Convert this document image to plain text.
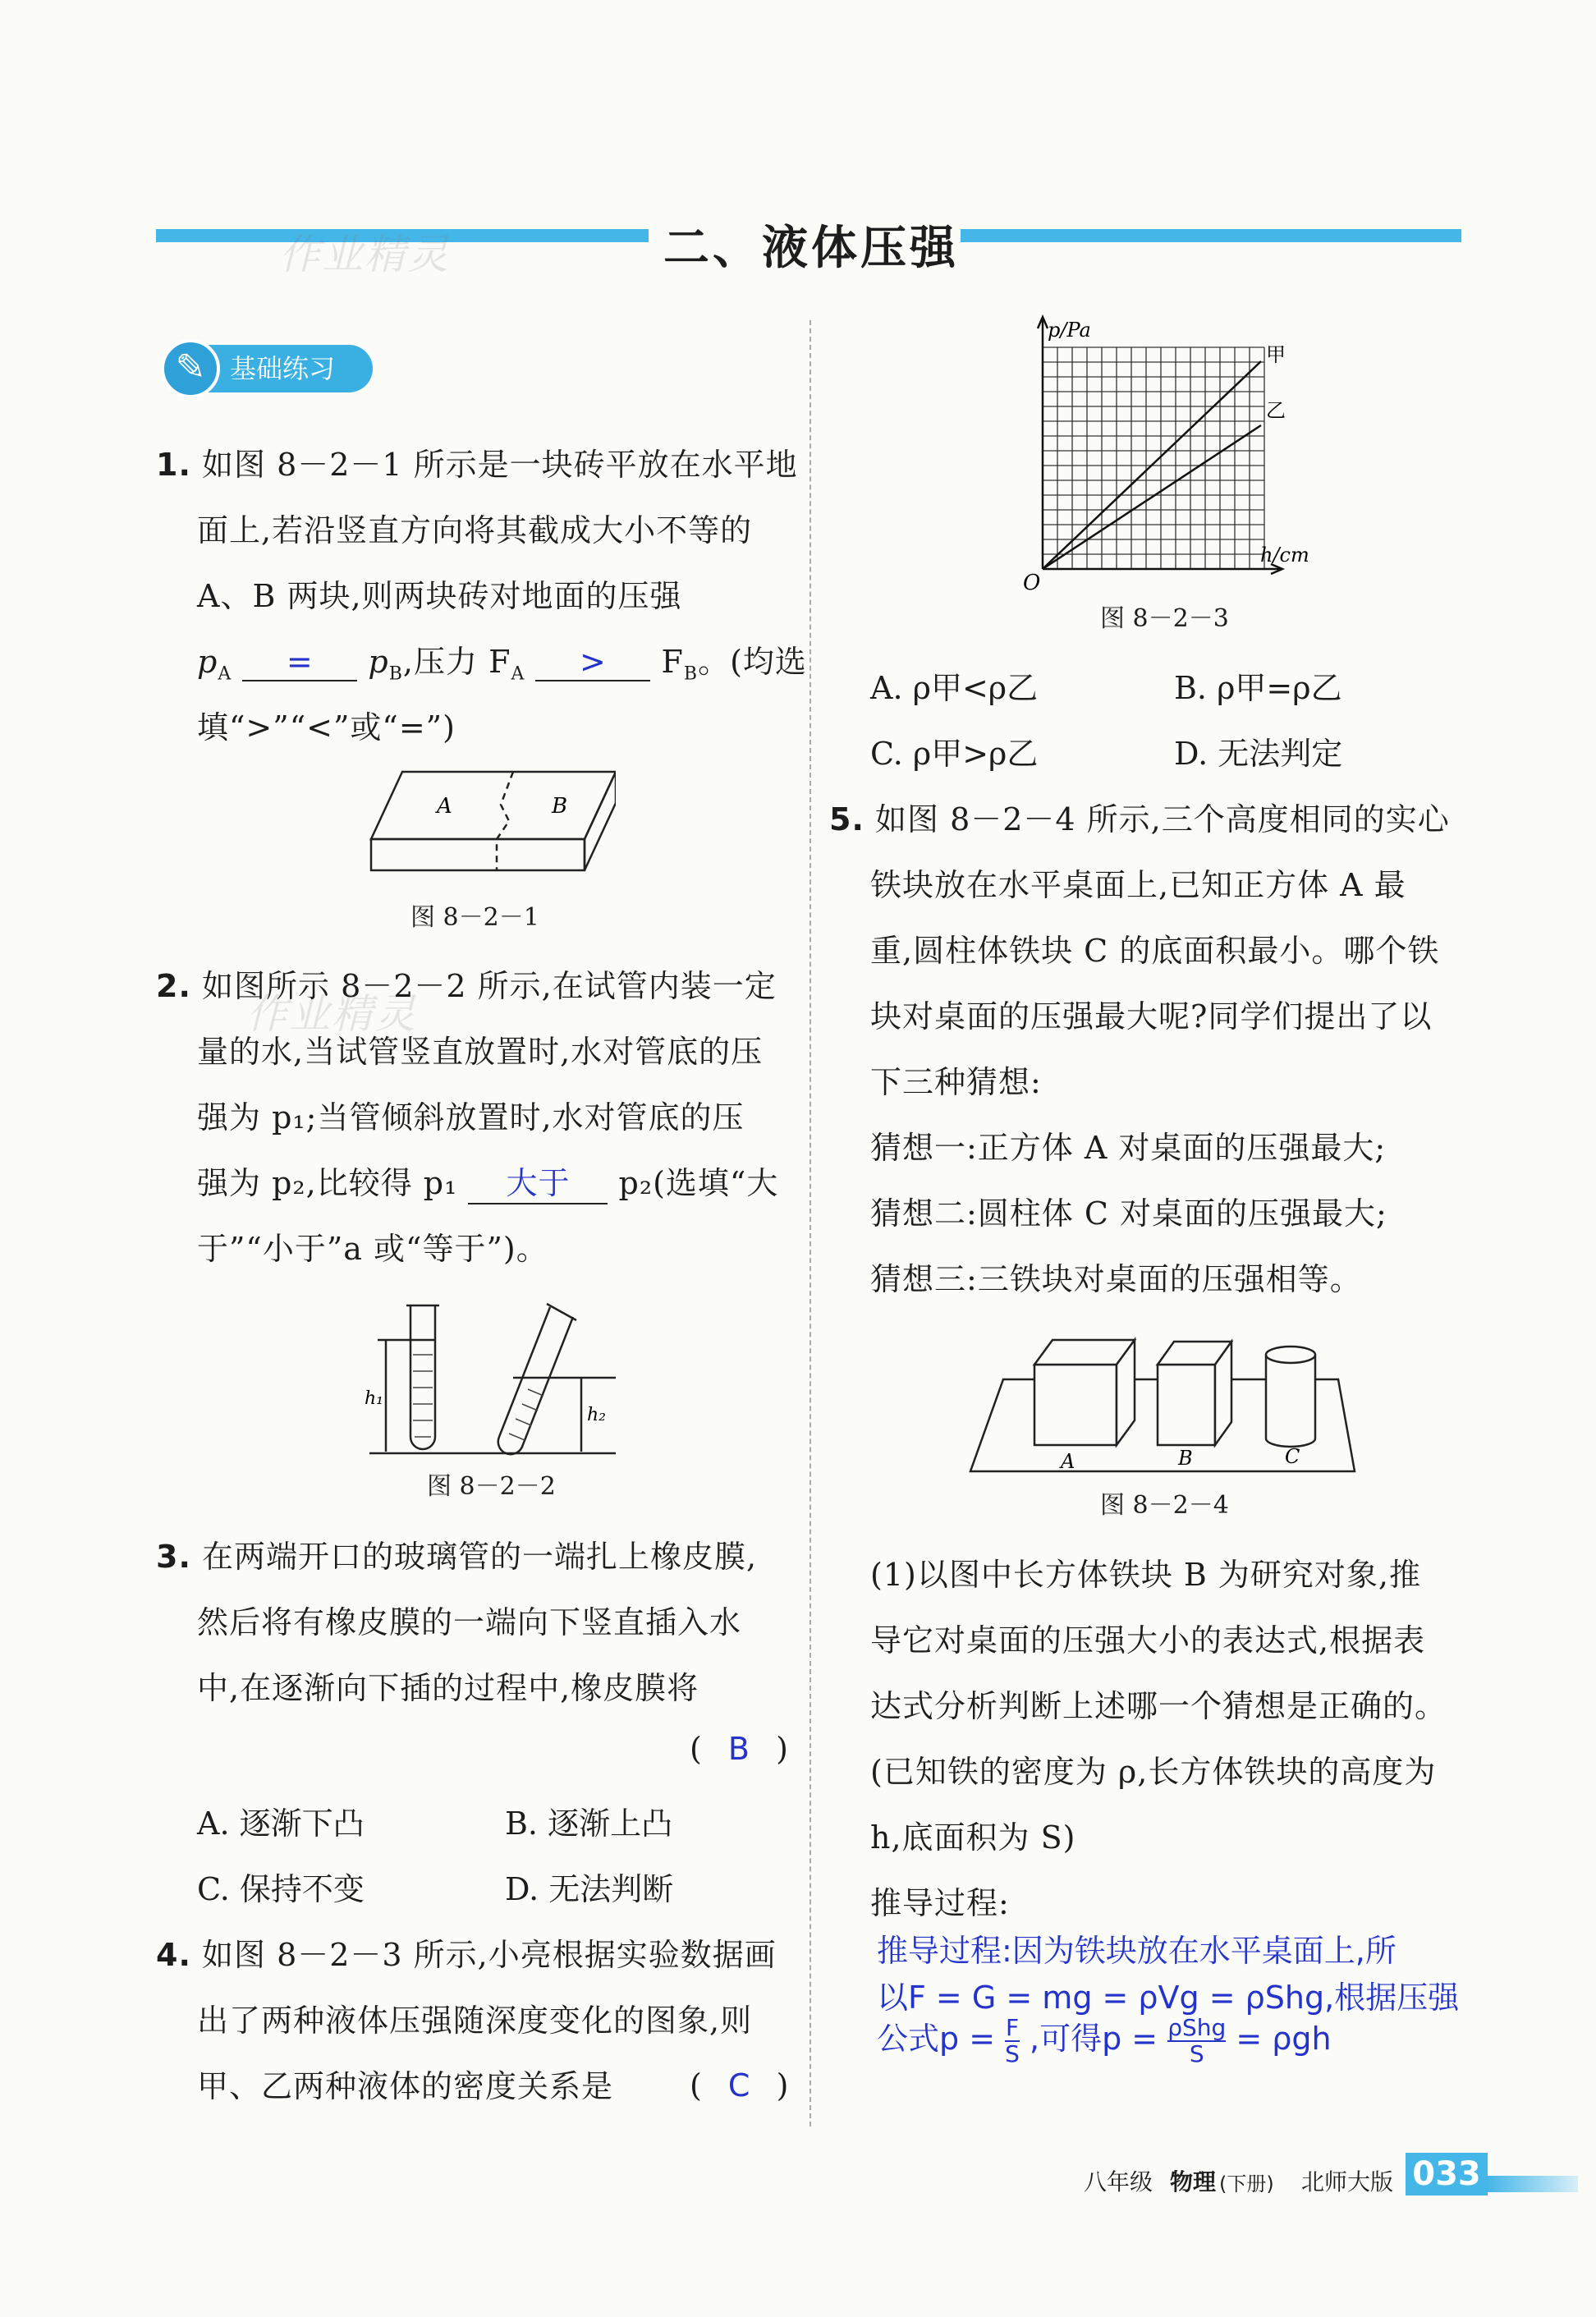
二、液体压强
作业精灵
作业精灵
基础练习
✎
1. 如图 8－2－1 所示是一块砖平放在水平地
面上,若沿竖直方向将其截成大小不等的
A、B 两块,则两块砖对地面的压强
$p_A = p_B$,压力 $F_A > F_B$。(均选
填“>”“<”或“=”)
A	B
图 8－2－1
2. 如图所示 8－2－2 所示,在试管内装一定
量的水,当试管竖直放置时,水对管底的压
强为 p₁;当管倾斜放置时,水对管底的压
强为 p₂,比较得 p₁ 大于 p₂(选填“大
于”“小于”a 或“等于”)。
h₁
h₂
图 8－2－2
3. 在两端开口的玻璃管的一端扎上橡皮膜,
然后将有橡皮膜的一端向下竖直插入水
中,在逐渐向下插的过程中,橡皮膜将
( B )
A. 逐渐下凸	B. 逐渐上凸
C. 保持不变	D. 无法判断
4. 如图 8－2－3 所示,小亮根据实验数据画
出了两种液体压强随深度变化的图象,则
甲、乙两种液体的密度关系是 ( C )
p/Pa
h/cm
O
甲
乙
图 8－2－3
A. ρ甲<ρ乙	B. ρ甲=ρ乙
C. ρ甲>ρ乙	D. 无法判定
5. 如图 8－2－4 所示,三个高度相同的实心
铁块放在水平桌面上,已知正方体 A 最
重,圆柱体铁块 C 的底面积最小。哪个铁
块对桌面的压强最大呢?同学们提出了以
下三种猜想:
猜想一:正方体 A 对桌面的压强最大;
猜想二:圆柱体 C 对桌面的压强最大;
猜想三:三铁块对桌面的压强相等。
A	B	C
图 8－2－4
(1)以图中长方体铁块 B 为研究对象,推
导它对桌面的压强大小的表达式,根据表
达式分析判断上述哪一个猜想是正确的。
(已知铁的密度为 ρ,长方体铁块的高度为
h,底面积为 S)
推导过程:
推导过程:因为铁块放在水平桌面上,所
以F = G = mg = ρVg = ρShg,根据压强
公式$p = \frac{F}{S}$ ,可得p = ρShg
S	= ρgh
八年级 物理 (下册) 北师大版 033
